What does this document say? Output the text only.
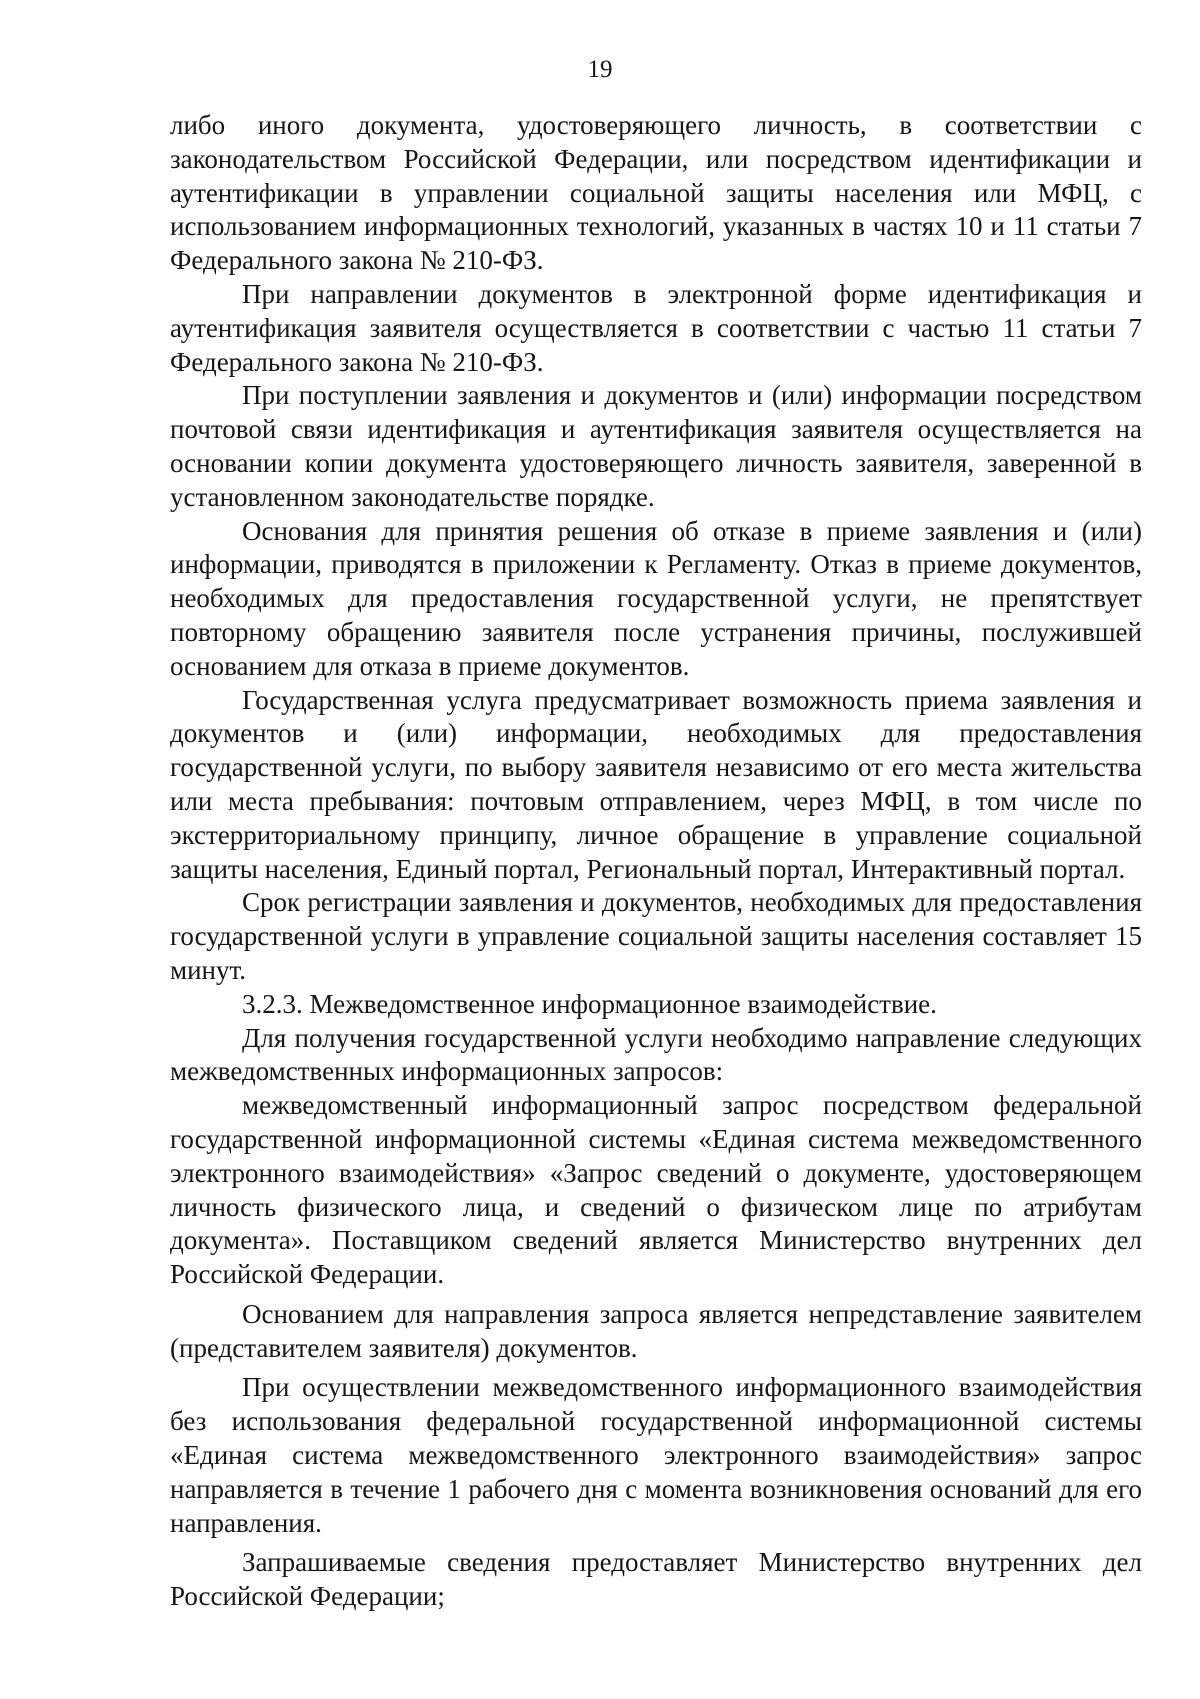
19

либо иного документа, удостоверяющего личность, в соответствии с законодательством Российской Федерации, или посредством идентификации и аутентификации в управлении социальной защиты населения или МФЦ, с использованием информационных технологий, указанных в частях 10 и 11 статьи 7 Федерального закона № 210-ФЗ.

При направлении документов в электронной форме идентификация и аутентификация заявителя осуществляется в соответствии с частью 11 статьи 7 Федерального закона № 210-ФЗ.

При поступлении заявления и документов и (или) информации посредством почтовой связи идентификация и аутентификация заявителя осуществляется на основании копии документа удостоверяющего личность заявителя, заверенной в установленном законодательстве порядке.

Основания для принятия решения об отказе в приеме заявления и (или) информации, приводятся в приложении к Регламенту. Отказ в приеме документов, необходимых для предоставления государственной услуги, не препятствует повторному обращению заявителя после устранения причины, послужившей основанием для отказа в приеме документов.

Государственная услуга предусматривает возможность приема заявления и документов и (или) информации, необходимых для предоставления государственной услуги, по выбору заявителя независимо от его места жительства или места пребывания: почтовым отправлением, через МФЦ, в том числе по экстерриториальному принципу, личное обращение в управление социальной защиты населения, Единый портал, Региональный портал, Интерактивный портал.

Срок регистрации заявления и документов, необходимых для предоставления государственной услуги в управление социальной защиты населения составляет 15 минут.

3.2.3. Межведомственное информационное взаимодействие.

Для получения государственной услуги необходимо направление следующих межведомственных информационных запросов:

межведомственный информационный запрос посредством федеральной государственной информационной системы «Единая система межведомственного электронного взаимодействия» «Запрос сведений о документе, удостоверяющем личность физического лица, и сведений о физическом лице по атрибутам документа». Поставщиком сведений является Министерство внутренних дел Российской Федерации.

Основанием для направления запроса является непредставление заявителем (представителем заявителя) документов.

При осуществлении межведомственного информационного взаимодействия без использования федеральной государственной информационной системы «Единая система межведомственного электронного взаимодействия» запрос направляется в течение 1 рабочего дня с момента возникновения оснований для его направления.

Запрашиваемые сведения предоставляет Министерство внутренних дел Российской Федерации;
